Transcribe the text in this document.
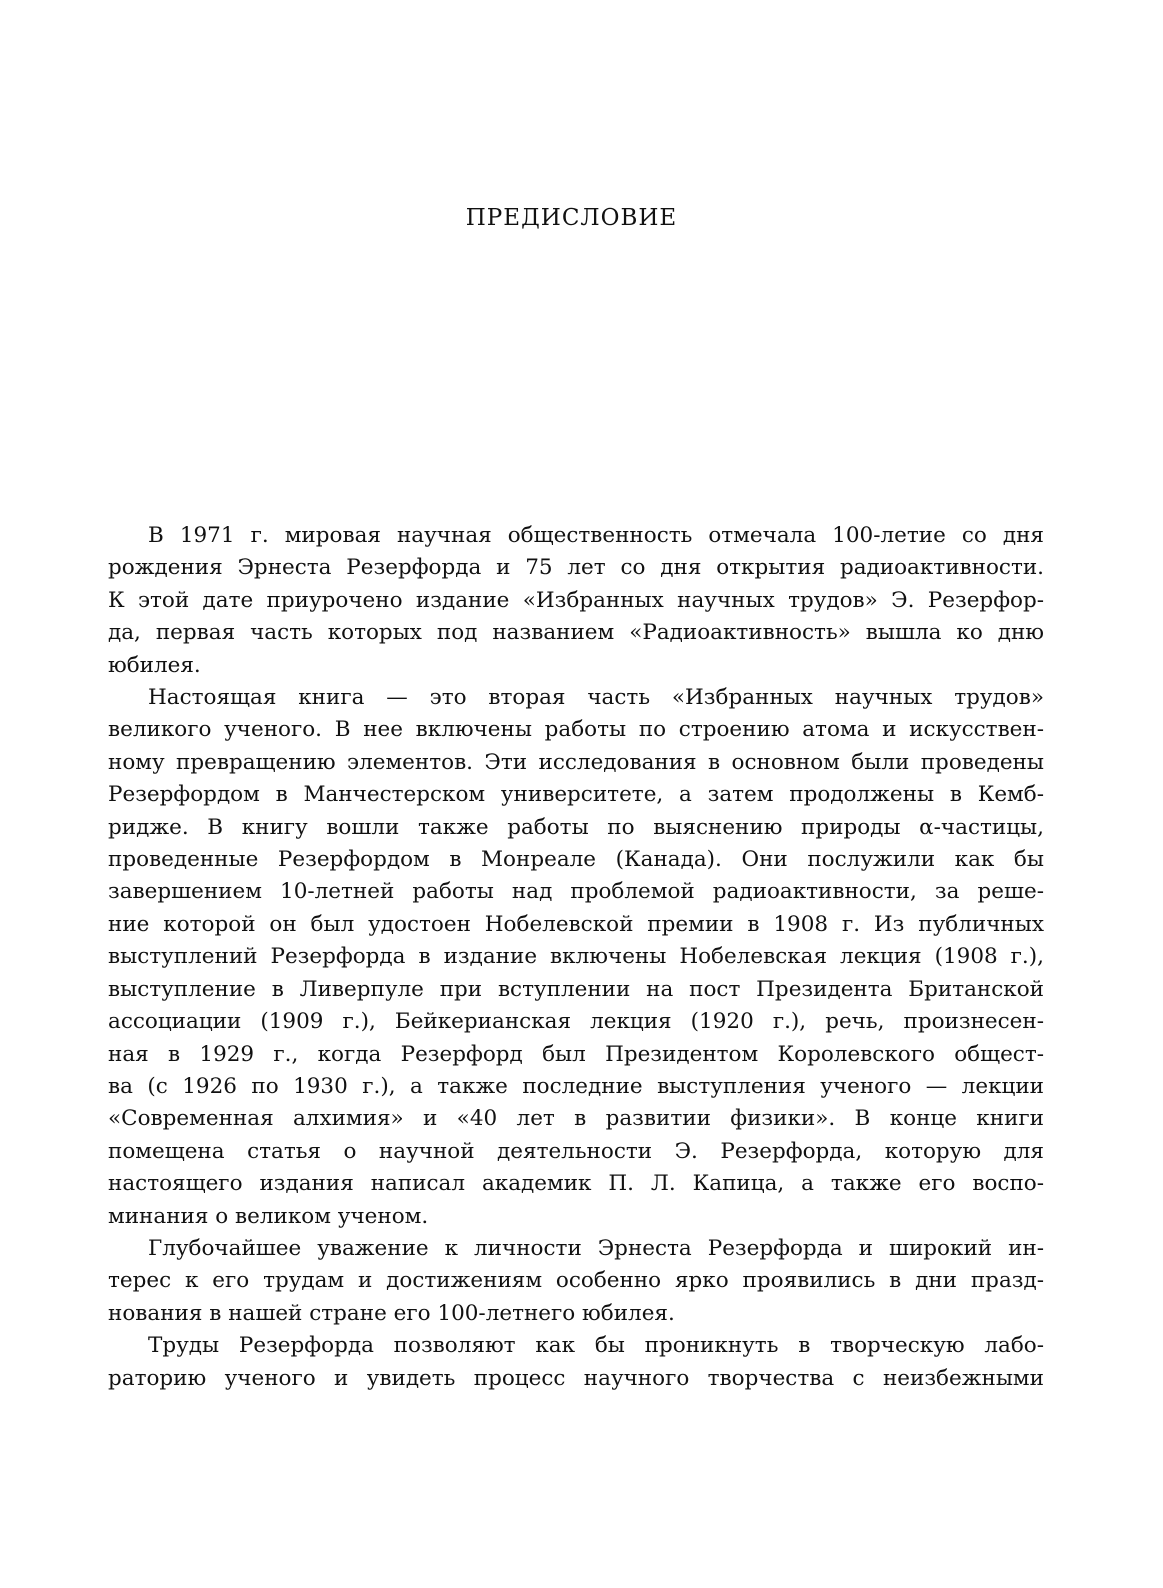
ПРЕДИСЛОВИЕ
В 1971 г. мировая научная общественность отмечала 100-летие со дня
рождения Эрнеста Резерфорда и 75 лет со дня открытия радиоактивности.
К этой дате приурочено издание «Избранных научных трудов» Э. Резерфор-
да, первая часть которых под названием «Радиоактивность» вышла ко дню
юбилея.
Настоящая книга — это вторая часть «Избранных научных трудов»
великого ученого. В нее включены работы по строению атома и искусствен-
ному превращению элементов. Эти исследования в основном были проведены
Резерфордом в Манчестерском университете, а затем продолжены в Кемб-
ридже. В книгу вошли также работы по выяснению природы α-частицы,
проведенные Резерфордом в Монреале (Канада). Они послужили как бы
завершением 10-летней работы над проблемой радиоактивности, за реше-
ние которой он был удостоен Нобелевской премии в 1908 г. Из публичных
выступлений Резерфорда в издание включены Нобелевская лекция (1908 г.),
выступление в Ливерпуле при вступлении на пост Президента Британской
ассоциации (1909 г.), Бейкерианская лекция (1920 г.), речь, произнесен-
ная в 1929 г., когда Резерфорд был Президентом Королевского общест-
ва (с 1926 по 1930 г.), а также последние выступления ученого — лекции
«Современная алхимия» и «40 лет в развитии физики». В конце книги
помещена статья о научной деятельности Э. Резерфорда, которую для
настоящего издания написал академик П. Л. Капица, а также его воспо-
минания о великом ученом.
Глубочайшее уважение к личности Эрнеста Резерфорда и широкий ин-
терес к его трудам и достижениям особенно ярко проявились в дни празд-
нования в нашей стране его 100-летнего юбилея.
Труды Резерфорда позволяют как бы проникнуть в творческую лабо-
раторию ученого и увидеть процесс научного творчества с неизбежными
